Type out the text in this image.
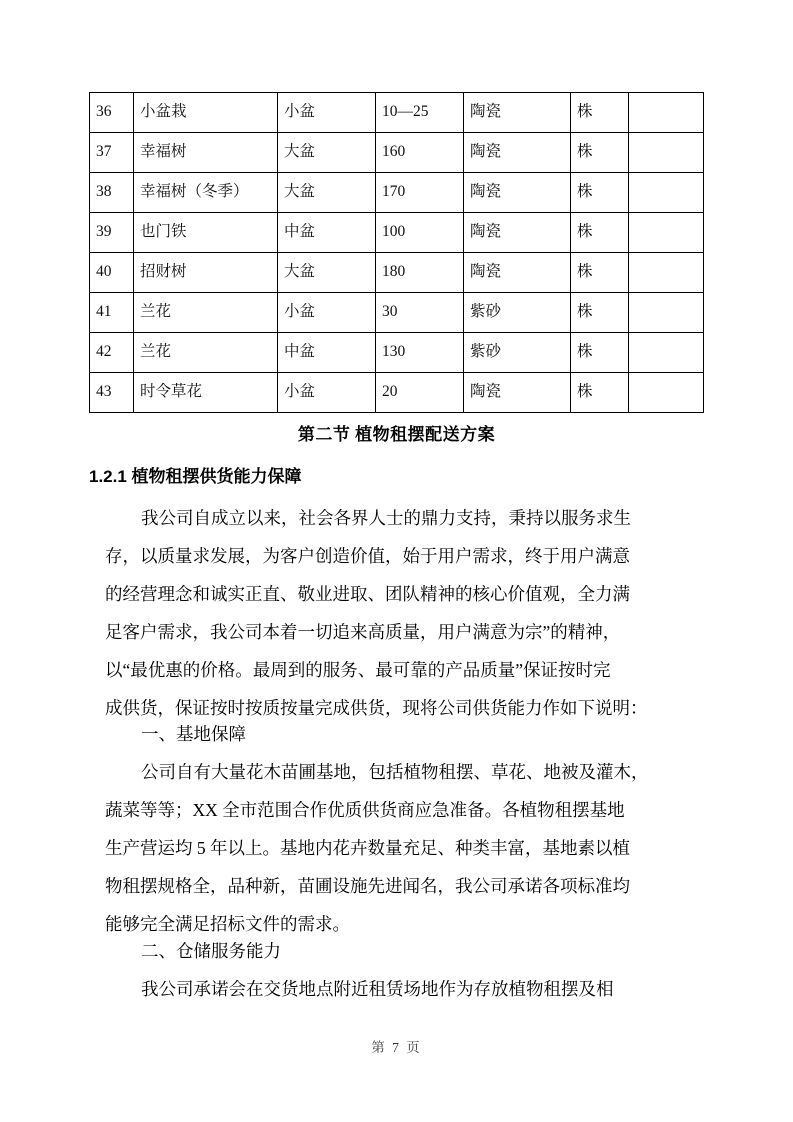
36	小盆栽	小盆	10—25	陶瓷	株	
37	幸福树	大盆	160	陶瓷	株	
38	幸福树（冬季）	大盆	170	陶瓷	株	
39	也门铁	中盆	100	陶瓷	株	
40	招财树	大盆	180	陶瓷	株	
41	兰花	小盆	30	紫砂	株	
42	兰花	中盆	130	紫砂	株	
43	时令草花	小盆	20	陶瓷	株	
第二节 植物租摆配送方案
1.2.1 植物租摆供货能力保障
我公司自成立以来，社会各界人士的鼎力支持，秉持以服务求生
存，以质量求发展，为客户创造价值，始于用户需求，终于用户满意
的经营理念和诚实正直、敬业进取、团队精神的核心价值观，全力满
足客户需求，我公司本着一切追来高质量，用户满意为宗”的精神，
以“最优惠的价格。最周到的服务、最可靠的产品质量”保证按时完
成供货，保证按时按质按量完成供货，现将公司供货能力作如下说明：
一、基地保障
公司自有大量花木苗圃基地，包括植物租摆、草花、地被及灌木，
蔬菜等等；XX 全市范围合作优质供货商应急准备。各植物租摆基地
生产营运均 5 年以上。基地内花卉数量充足、种类丰富，基地素以植
物租摆规格全，品种新，苗圃设施先进闻名，我公司承诺各项标准均
能够完全满足招标文件的需求。
二、仓储服务能力
我公司承诺会在交货地点附近租赁场地作为存放植物租摆及相
第 7 页
